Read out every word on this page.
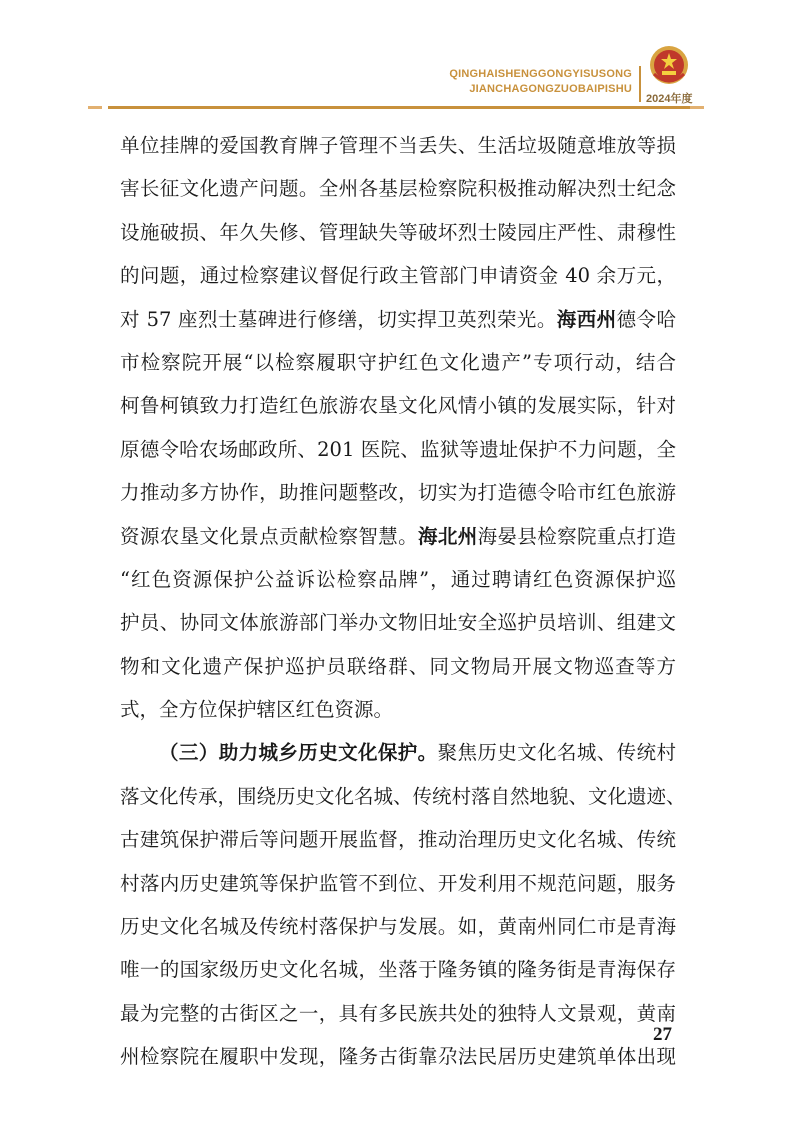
QINGHAISHENGGONGYISUSONG
JIANCHAGONGZUOBAIPISHU
2024年度
单位挂牌的爱国教育牌子管理不当丢失、生活垃圾随意堆放等损
害长征文化遗产问题。全州各基层检察院积极推动解决烈士纪念
设施破损、年久失修、管理缺失等破坏烈士陵园庄严性、肃穆性
的问题，通过检察建议督促行政主管部门申请资金 40 余万元，
对 57 座烈士墓碑进行修缮，切实捍卫英烈荣光。海西州德令哈
市检察院开展“以检察履职守护红色文化遗产”专项行动，结合
柯鲁柯镇致力打造红色旅游农垦文化风情小镇的发展实际，针对
原德令哈农场邮政所、201 医院、监狱等遗址保护不力问题，全
力推动多方协作，助推问题整改，切实为打造德令哈市红色旅游
资源农垦文化景点贡献检察智慧。海北州海晏县检察院重点打造
“红色资源保护公益诉讼检察品牌”，通过聘请红色资源保护巡
护员、协同文体旅游部门举办文物旧址安全巡护员培训、组建文
物和文化遗产保护巡护员联络群、同文物局开展文物巡查等方
式，全方位保护辖区红色资源。
（三）助力城乡历史文化保护。聚焦历史文化名城、传统村
落文化传承，围绕历史文化名城、传统村落自然地貌、文化遗迹、
古建筑保护滞后等问题开展监督，推动治理历史文化名城、传统
村落内历史建筑等保护监管不到位、开发利用不规范问题，服务
历史文化名城及传统村落保护与发展。如，黄南州同仁市是青海
唯一的国家级历史文化名城，坐落于隆务镇的隆务街是青海保存
最为完整的古街区之一，具有多民族共处的独特人文景观，黄南
州检察院在履职中发现，隆务古街靠尕法民居历史建筑单体出现
27
